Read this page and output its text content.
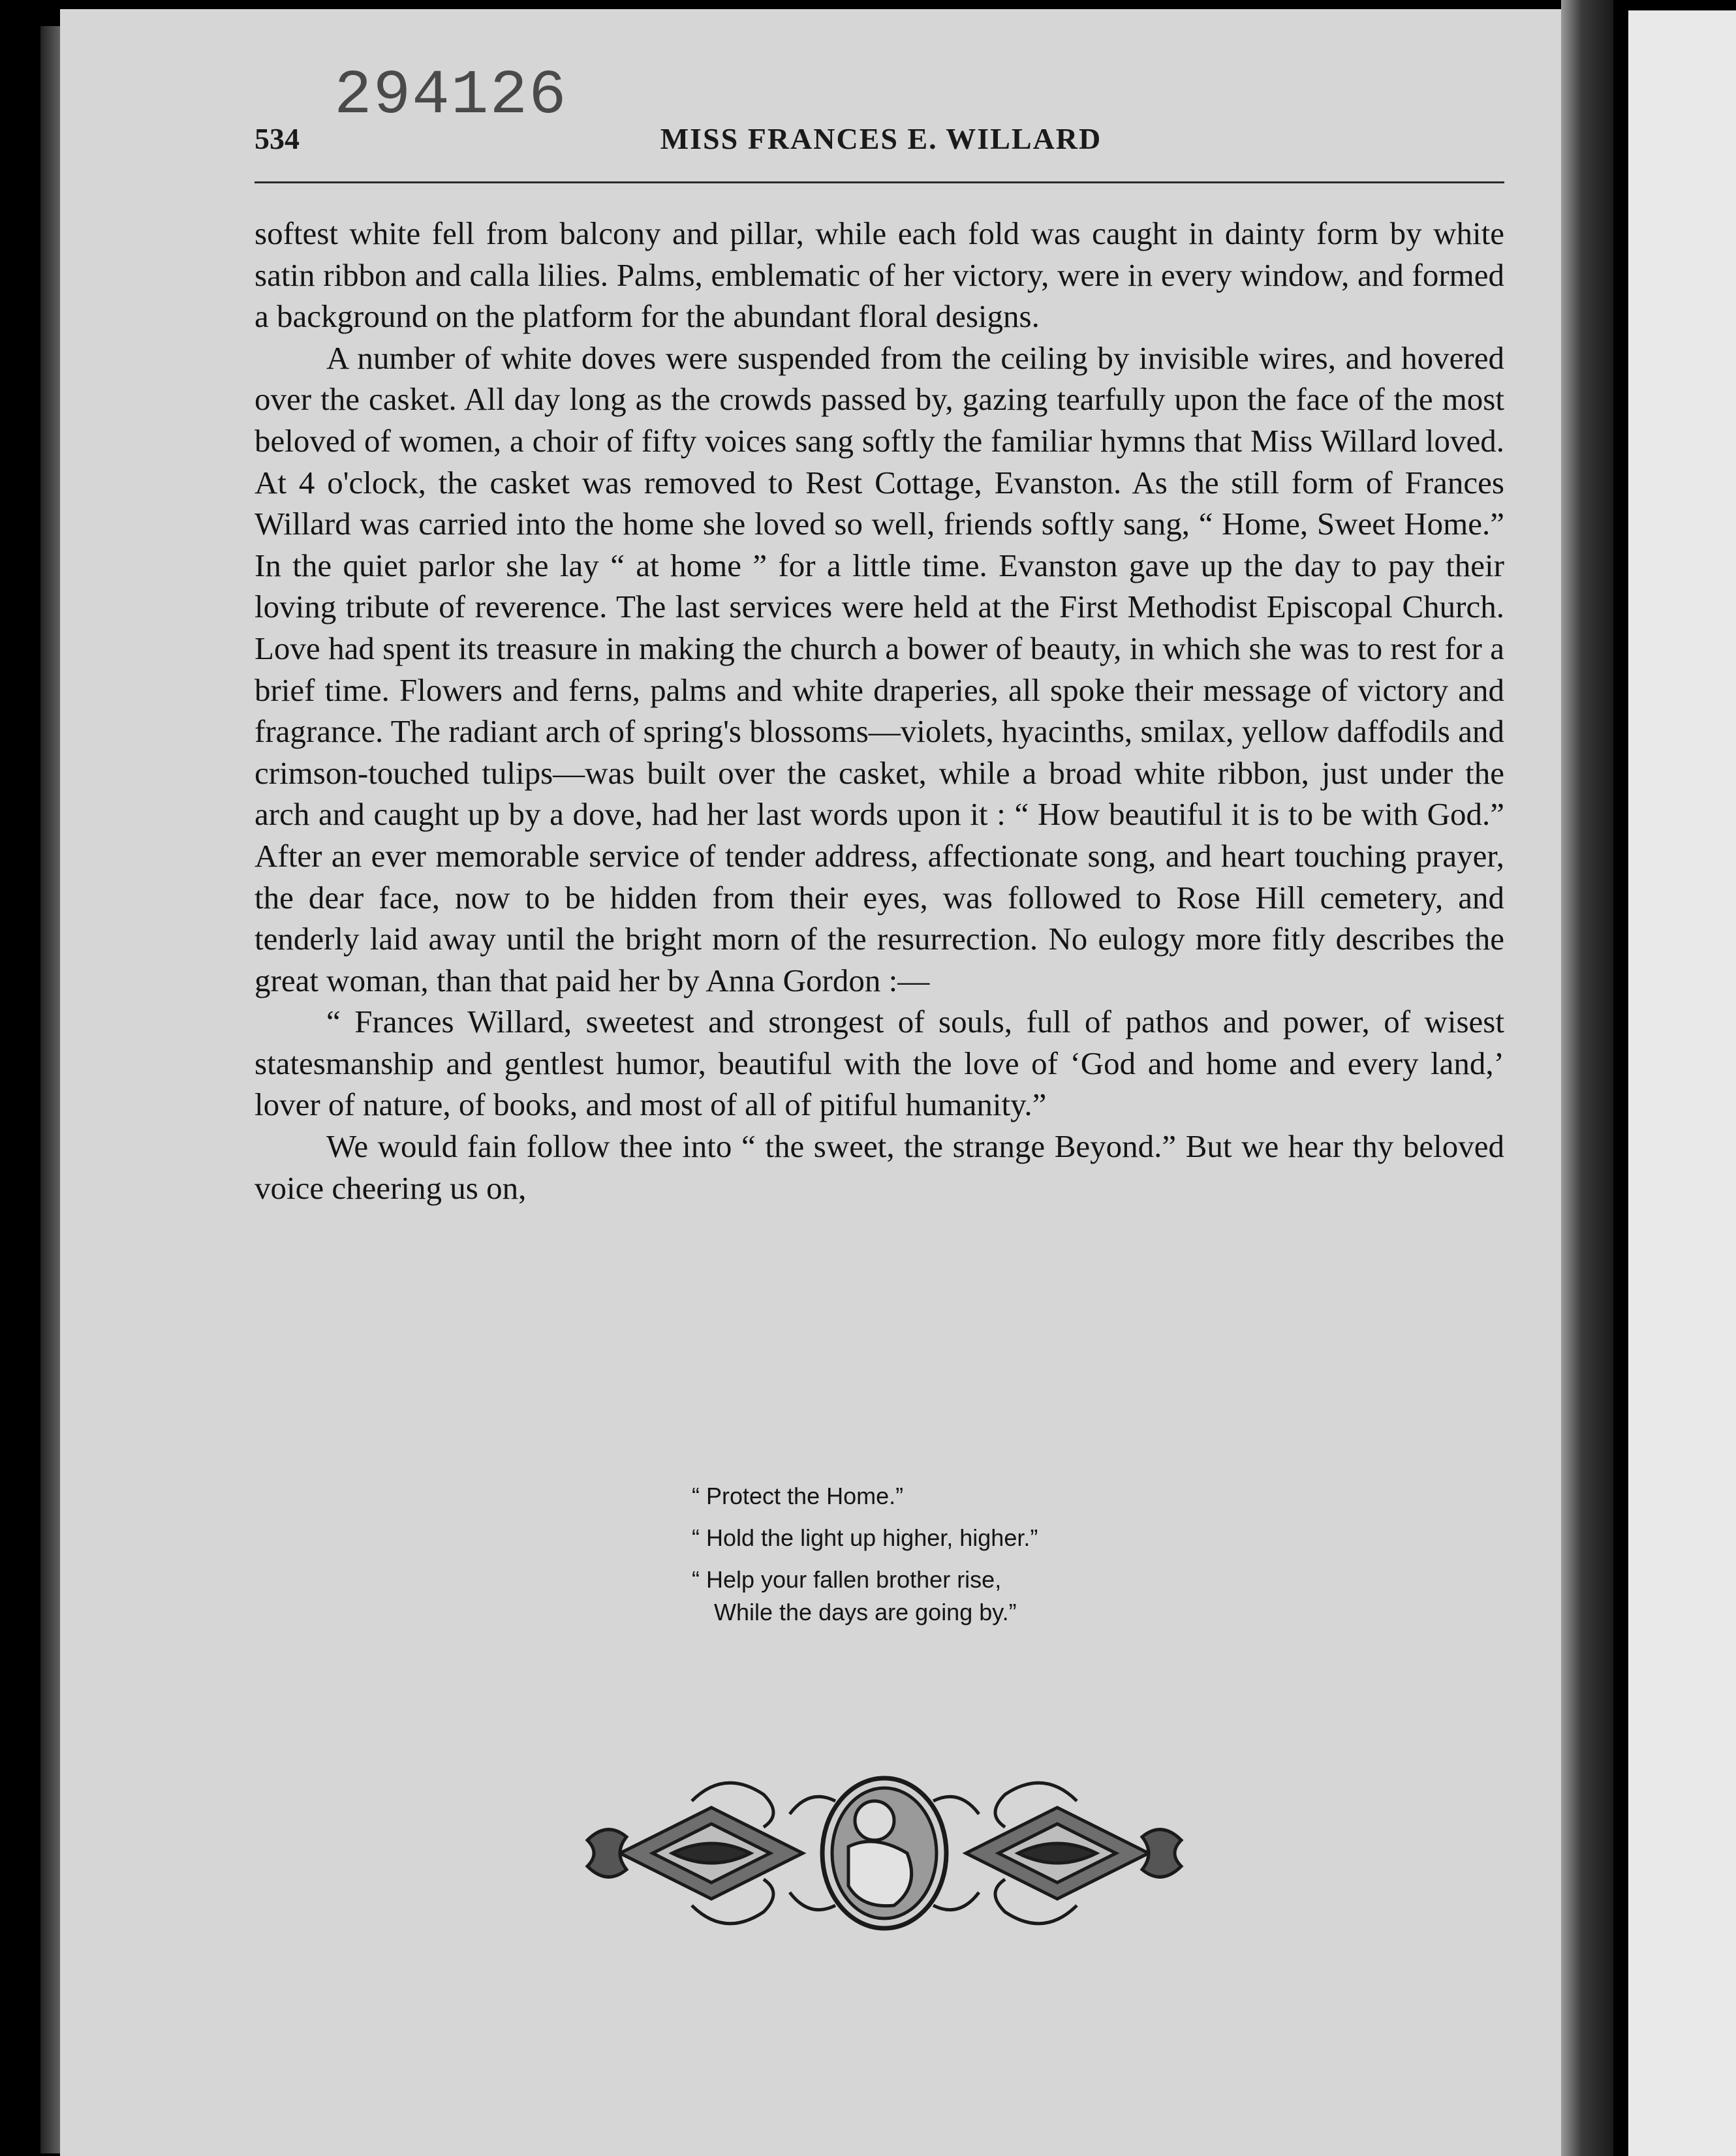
294126

534	MISS FRANCES E. WILLARD

softest white fell from balcony and pillar, while each fold was caught in dainty form by white satin ribbon and calla lilies. Palms, emblematic of her victory, were in every window, and formed a background on the platform for the abundant floral designs.

A number of white doves were suspended from the ceiling by invisible wires, and hovered over the casket. All day long as the crowds passed by, gazing tearfully upon the face of the most beloved of women, a choir of fifty voices sang softly the familiar hymns that Miss Willard loved. At 4 o'clock, the casket was removed to Rest Cottage, Evanston. As the still form of Frances Willard was carried into the home she loved so well, friends softly sang, “ Home, Sweet Home.” In the quiet parlor she lay “ at home ” for a little time. Evanston gave up the day to pay their loving tribute of reverence. The last services were held at the First Methodist Episcopal Church. Love had spent its treasure in making the church a bower of beauty, in which she was to rest for a brief time. Flowers and ferns, palms and white draperies, all spoke their message of victory and fragrance. The radiant arch of spring's blossoms—violets, hyacinths, smilax, yellow daffodils and crimson-touched tulips—was built over the casket, while a broad white ribbon, just under the arch and caught up by a dove, had her last words upon it : “ How beautiful it is to be with God.” After an ever memorable service of tender address, affectionate song, and heart touching prayer, the dear face, now to be hidden from their eyes, was followed to Rose Hill cemetery, and tenderly laid away until the bright morn of the resurrection. No eulogy more fitly describes the great woman, than that paid her by Anna Gordon :—

“ Frances Willard, sweetest and strongest of souls, full of pathos and power, of wisest statesmanship and gentlest humor, beautiful with the love of ‘God and home and every land,’ lover of nature, of books, and most of all of pitiful humanity.”

We would fain follow thee into “ the sweet, the strange Beyond.” But we hear thy beloved voice cheering us on,

“ Protect the Home.”

“ Hold the light up higher, higher.”

“ Help your fallen brother rise,

While the days are going by.”
